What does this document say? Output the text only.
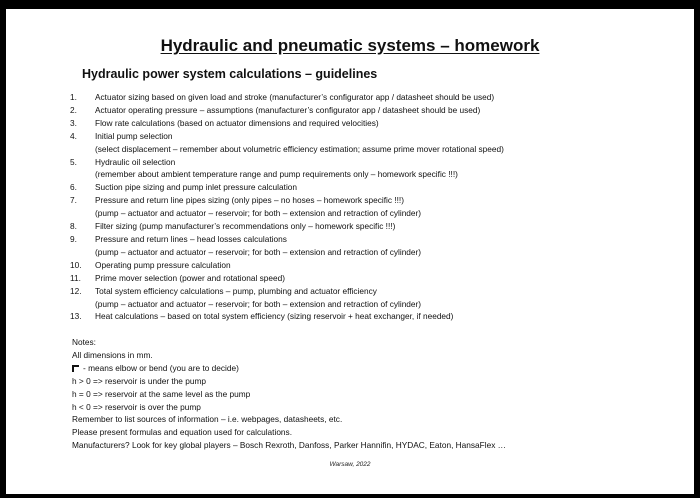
Hydraulic and pneumatic systems – homework
Hydraulic power system calculations – guidelines
1.	Actuator sizing based on given load and stroke (manufacturer’s configurator app / datasheet should be used)
2.	Actuator operating pressure – assumptions (manufacturer’s configurator app / datasheet should be used)
3.	Flow rate calculations (based on actuator dimensions and required velocities)
4.	Initial pump selection
(select displacement – remember about volumetric efficiency estimation; assume prime mover rotational speed)
5.	Hydraulic oil selection
(remember about ambient temperature range and pump requirements only – homework specific !!!)
6.	Suction pipe sizing and pump inlet pressure calculation
7.	Pressure and return line pipes sizing (only pipes – no hoses – homework specific !!!)
(pump – actuator and actuator – reservoir; for both – extension and retraction of cylinder)
8.	Filter sizing (pump manufacturer’s recommendations only – homework specific !!!)
9.	Pressure and return lines – head losses calculations
(pump – actuator and actuator – reservoir; for both – extension and retraction of cylinder)
10.	Operating pump pressure calculation
11.	Prime mover selection (power and rotational speed)
12.	Total system efficiency calculations – pump, plumbing and actuator efficiency
(pump – actuator and actuator – reservoir; for both – extension and retraction of cylinder)
13.	Heat calculations – based on total system efficiency (sizing reservoir + heat exchanger, if needed)
Notes:
All dimensions in mm.
- means elbow or bend (you are to decide)
h > 0 => reservoir is under the pump
h = 0 => reservoir at the same level as the pump
h < 0 => reservoir is over the pump
Remember to list sources of information – i.e. webpages, datasheets, etc.
Please present formulas and equation used for calculations.
Manufacturers? Look for key global players – Bosch Rexroth, Danfoss, Parker Hannifin, HYDAC, Eaton, HansaFlex …
Warsaw, 2022
